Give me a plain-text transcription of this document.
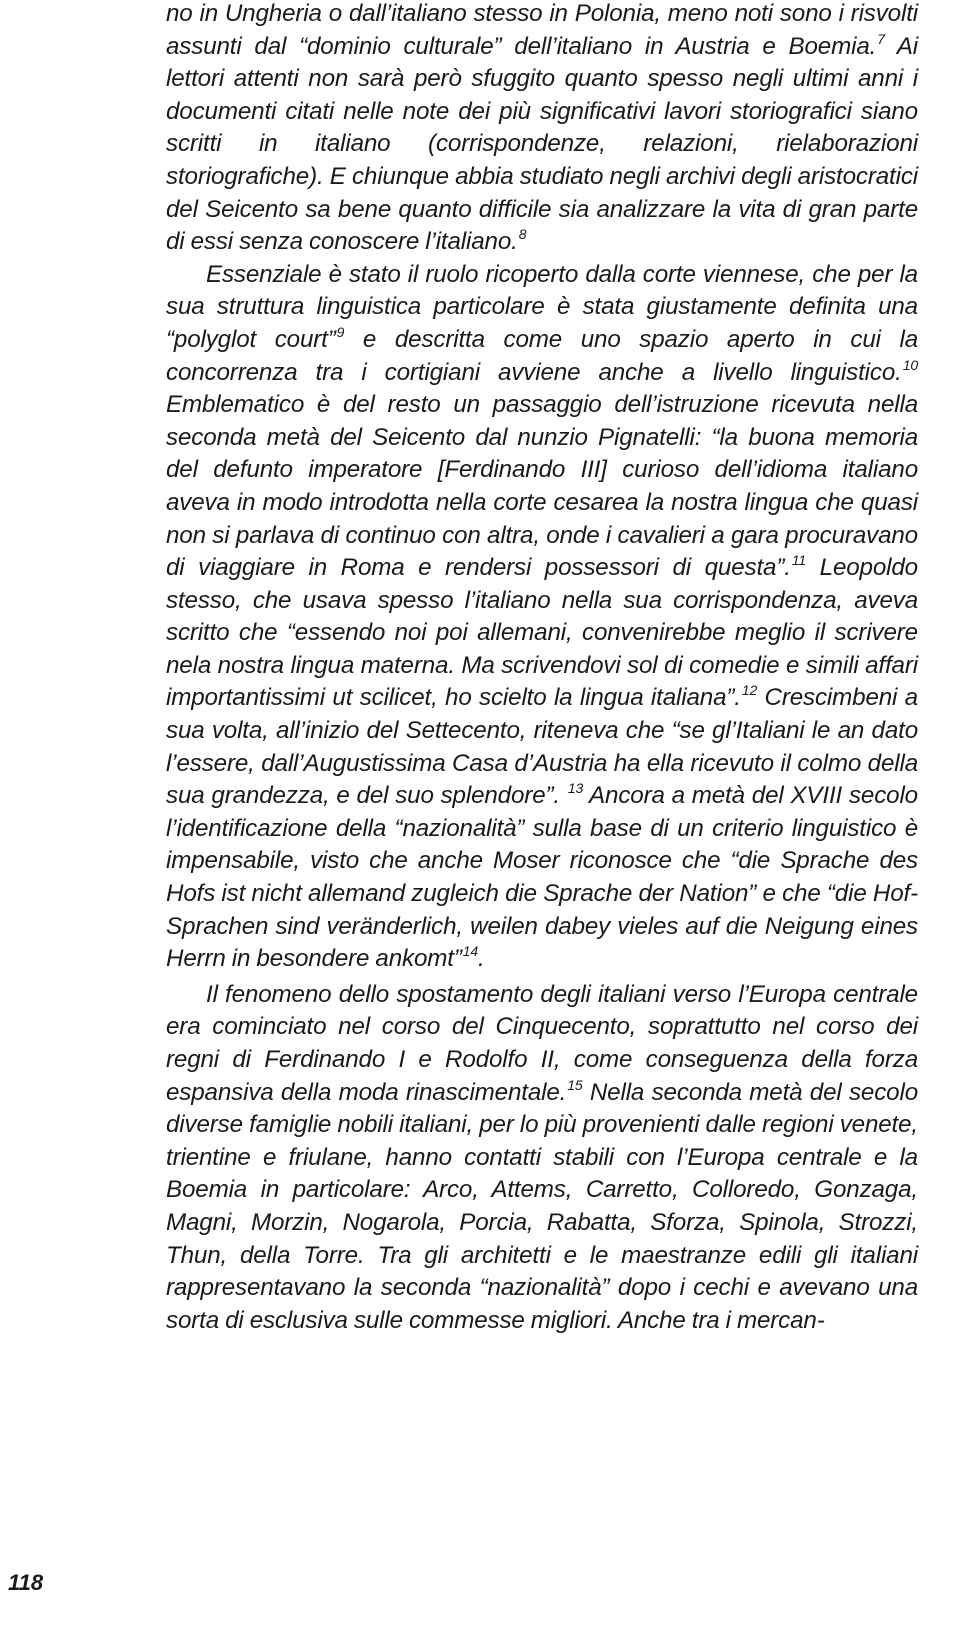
no in Ungheria o dall’italiano stesso in Polonia, meno noti sono i risvolti assunti dal “dominio culturale” dell’italiano in Austria e Boemia.$^7$ Ai lettori attenti non sarà però sfuggito quanto spesso negli ultimi anni i documenti citati nelle note dei più significativi lavori storiografici siano scritti in italiano (corrispondenze, relazioni, rielaborazioni storiografiche). E chiunque abbia studiato negli archivi degli aristocratici del Seicento sa bene quanto difficile sia analizzare la vita di gran parte di essi senza conoscere l’italiano.$^8$

Essenziale è stato il ruolo ricoperto dalla corte viennese, che per la sua struttura linguistica particolare è stata giustamente definita una “polyglot court”$^9$ e descritta come uno spazio aperto in cui la concorrenza tra i cortigiani avviene anche a livello linguistico.$^{10}$ Emblematico è del resto un passaggio dell’istruzione ricevuta nella seconda metà del Seicento dal nunzio Pignatelli: “la buona memoria del defunto imperatore [Ferdinando III] curioso dell’idioma italiano aveva in modo introdotta nella corte cesarea la nostra lingua che quasi non si parlava di continuo con altra, onde i cavalieri a gara procuravano di viaggiare in Roma e rendersi possessori di questa”.$^{11}$ Leopoldo stesso, che usava spesso l’italiano nella sua corrispondenza, aveva scritto che “essendo noi poi allemani, convenirebbe meglio il scrivere nela nostra lingua materna. Ma scrivendovi sol di comedie e simili affari importantissimi ut scilicet, ho scielto la lingua italiana”.$^{12}$ Crescimbeni a sua volta, all’inizio del Settecento, riteneva che “se gl’Italiani le an dato l’essere, dall’Augustissima Casa d’Austria ha ella ricevuto il colmo della sua grandezza, e del suo splendore”. $^{13}$ Ancora a metà del XVIII secolo l’identificazione della “nazionalità” sulla base di un criterio linguistico è impensabile, visto che anche Moser riconosce che “die Sprache des Hofs ist nicht allemand zugleich die Sprache der Nation” e che “die Hof-Sprachen sind veränderlich, weilen dabey vieles auf die Neigung eines Herrn in besondere ankomt”$^{14}$.

Il fenomeno dello spostamento degli italiani verso l’Europa centrale era cominciato nel corso del Cinquecento, soprattutto nel corso dei regni di Ferdinando I e Rodolfo II, come conseguenza della forza espansiva della moda rinascimentale.$^{15}$ Nella seconda metà del secolo diverse famiglie nobili italiani, per lo più provenienti dalle regioni venete, trientine e friulane, hanno contatti stabili con l’Europa centrale e la Boemia in particolare: Arco, Attems, Carretto, Colloredo, Gonzaga, Magni, Morzin, Nogarola, Porcia, Rabatta, Sforza, Spinola, Strozzi, Thun, della Torre. Tra gli architetti e le maestranze edili gli italiani rappresentavano la seconda “nazionalità” dopo i cechi e avevano una sorta di esclusiva sulle commesse migliori. Anche tra i mercan-

118
